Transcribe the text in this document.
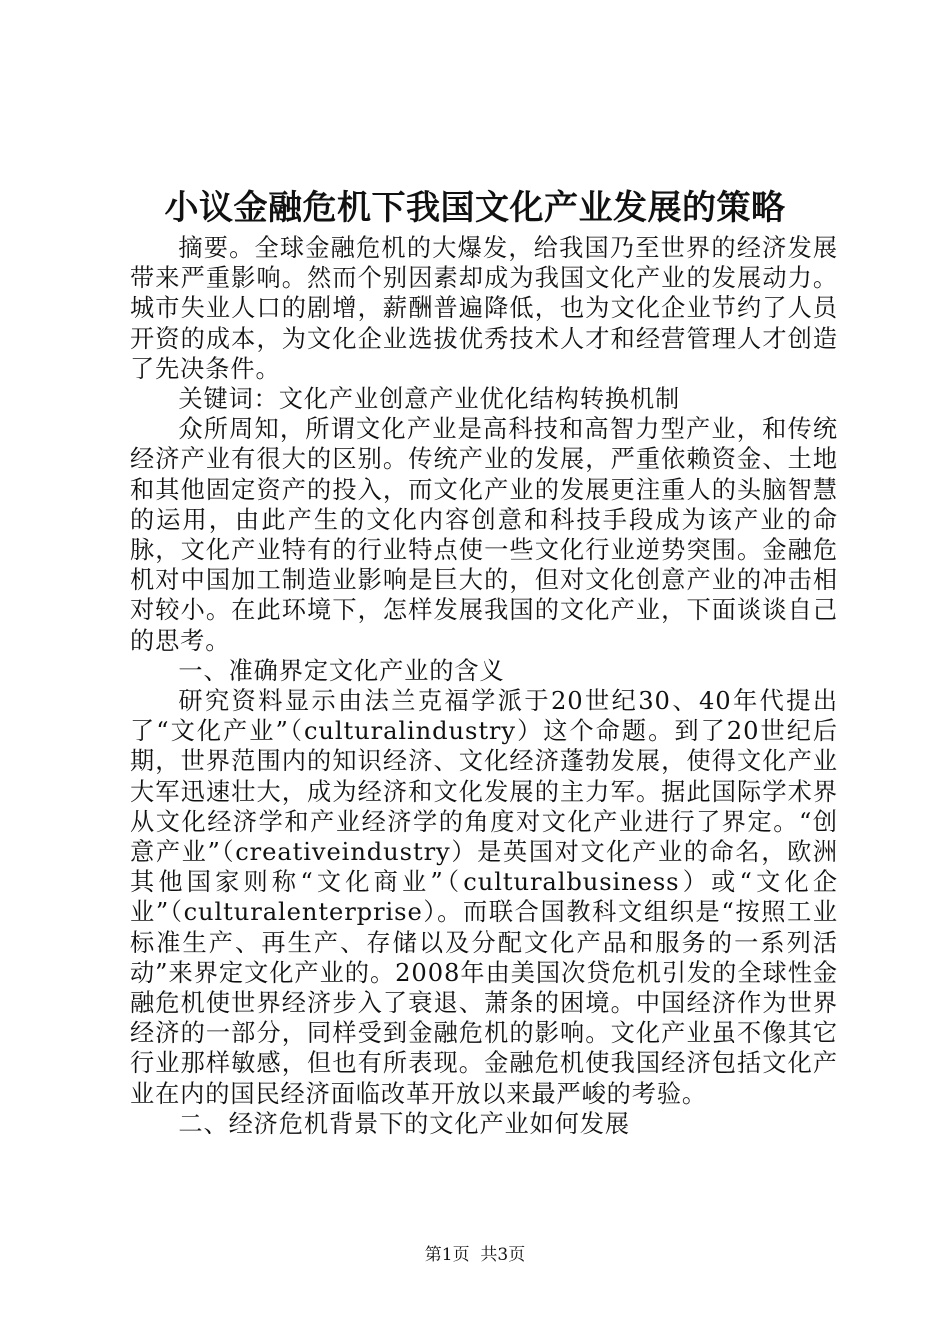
小议金融危机下我国文化产业发展的策略

摘要。全球金融危机的大爆发，给我国乃至世界的经济发展带来严重影响。然而个别因素却成为我国文化产业的发展动力。城市失业人口的剧增，薪酬普遍降低，也为文化企业节约了人员开资的成本，为文化企业选拔优秀技术人才和经营管理人才创造了先决条件。

关键词：文化产业创意产业优化结构转换机制

众所周知，所谓文化产业是高科技和高智力型产业，和传统经济产业有很大的区别。传统产业的发展，严重依赖资金、土地和其他固定资产的投入，而文化产业的发展更注重人的头脑智慧的运用，由此产生的文化内容创意和科技手段成为该产业的命脉，文化产业特有的行业特点使一些文化行业逆势突围。金融危机对中国加工制造业影响是巨大的，但对文化创意产业的冲击相对较小。在此环境下，怎样发展我国的文化产业，下面谈谈自己的思考。

一、准确界定文化产业的含义

研究资料显示由法兰克福学派于20世纪30、40年代提出了“文化产业”（culturalindustry）这个命题。到了20世纪后期，世界范围内的知识经济、文化经济蓬勃发展，使得文化产业大军迅速壮大，成为经济和文化发展的主力军。据此国际学术界从文化经济学和产业经济学的角度对文化产业进行了界定。“创意产业”（creativeindustry）是英国对文化产业的命名，欧洲其他国家则称“文化商业”（culturalbusiness）或“文化企业”（culturalenterprise）。而联合国教科文组织是“按照工业标准生产、再生产、存储以及分配文化产品和服务的一系列活动”来界定文化产业的。2008年由美国次贷危机引发的全球性金融危机使世界经济步入了衰退、萧条的困境。中国经济作为世界经济的一部分，同样受到金融危机的影响。文化产业虽不像其它行业那样敏感，但也有所表现。金融危机使我国经济包括文化产业在内的国民经济面临改革开放以来最严峻的考验。

二、经济危机背景下的文化产业如何发展

第1页  共3页
